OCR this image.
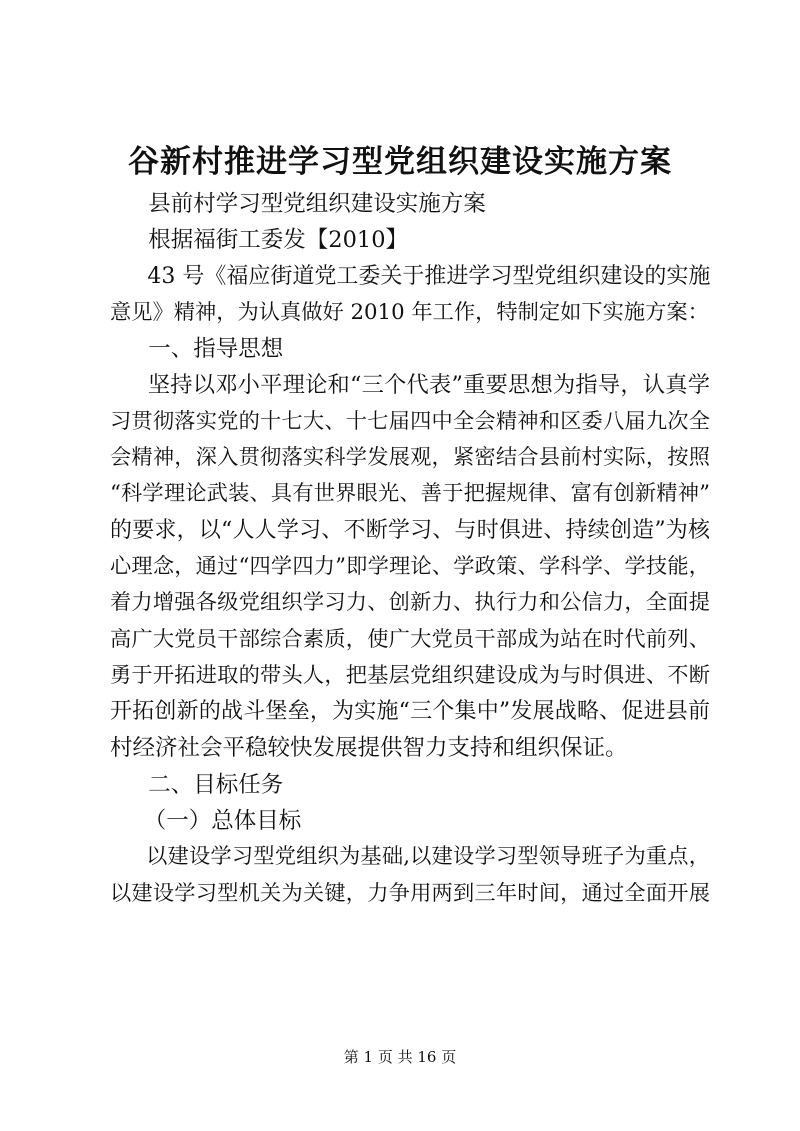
谷新村推进学习型党组织建设实施方案

县前村学习型党组织建设实施方案

根据福街工委发【2010】

43 号《福应街道党工委关于推进学习型党组织建设的实施
意见》精神，为认真做好 2010 年工作，特制定如下实施方案：

一、指导思想

坚持以邓小平理论和“三个代表”重要思想为指导，认真学
习贯彻落实党的十七大、十七届四中全会精神和区委八届九次全
会精神，深入贯彻落实科学发展观，紧密结合县前村实际，按照
“科学理论武装、具有世界眼光、善于把握规律、富有创新精神”
的要求，以“人人学习、不断学习、与时俱进、持续创造”为核
心理念，通过“四学四力”即学理论、学政策、学科学、学技能，
着力增强各级党组织学习力、创新力、执行力和公信力，全面提
高广大党员干部综合素质，使广大党员干部成为站在时代前列、
勇于开拓进取的带头人，把基层党组织建设成为与时俱进、不断
开拓创新的战斗堡垒，为实施“三个集中”发展战略、促进县前
村经济社会平稳较快发展提供智力支持和组织保证。

二、目标任务

（一）总体目标

以建设学习型党组织为基础,以建设学习型领导班子为重点，
以建设学习型机关为关键，力争用两到三年时间，通过全面开展
第 1 页 共 16 页
